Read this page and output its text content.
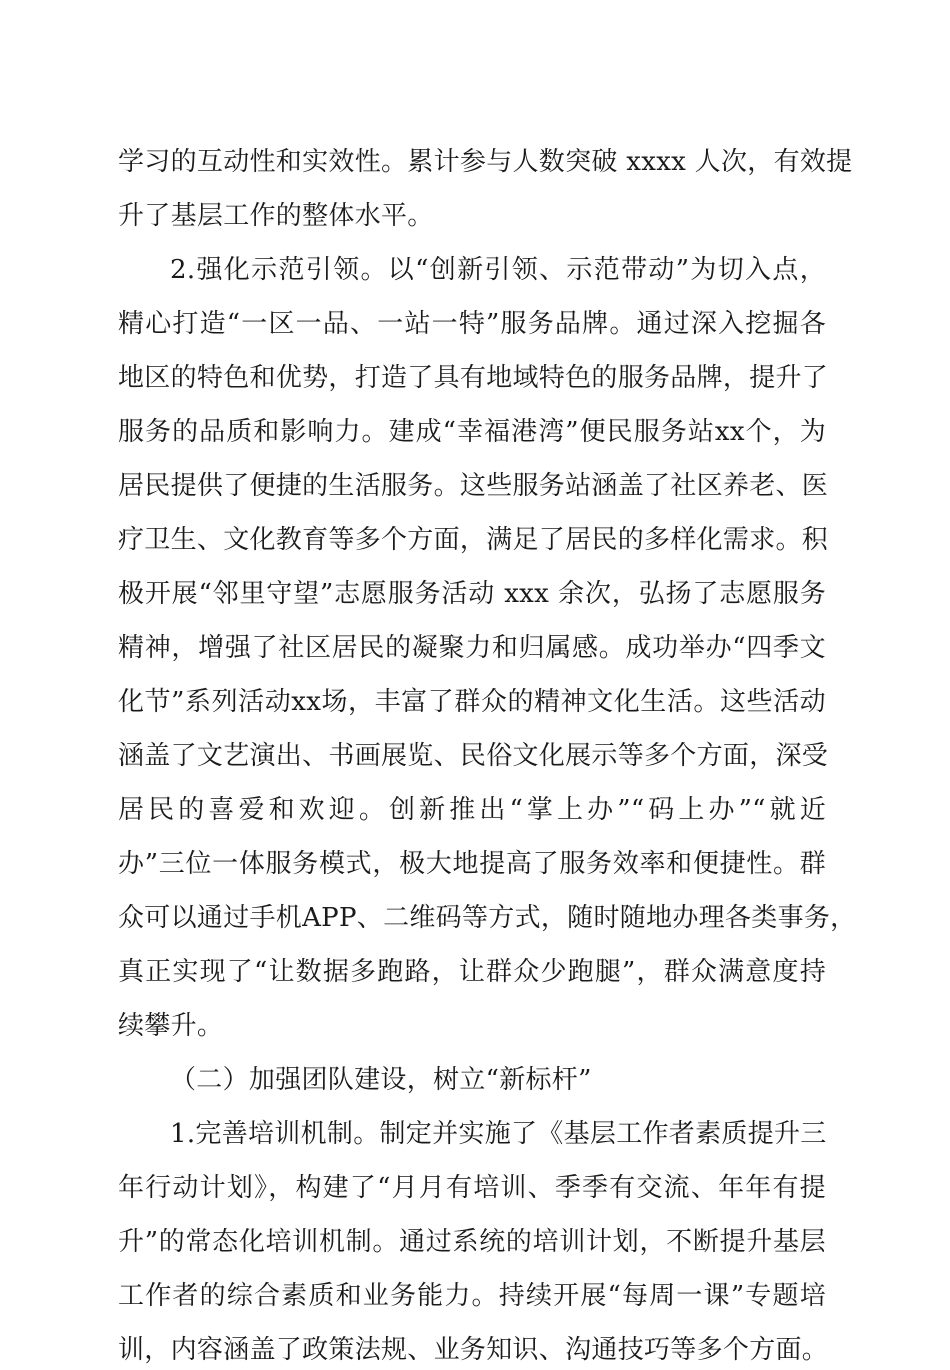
学习的互动性和实效性。累计参与人数突破 xxxx 人次，有效提
升了基层工作的整体水平。
2.强化示范引领。以“创新引领、示范带动”为切入点，
精心打造“一区一品、一站一特”服务品牌。通过深入挖掘各
地区的特色和优势，打造了具有地域特色的服务品牌，提升了
服务的品质和影响力。建成“幸福港湾”便民服务站xx个，为
居民提供了便捷的生活服务。这些服务站涵盖了社区养老、医
疗卫生、文化教育等多个方面，满足了居民的多样化需求。积
极开展“邻里守望”志愿服务活动 xxx 余次，弘扬了志愿服务
精神，增强了社区居民的凝聚力和归属感。成功举办“四季文
化节”系列活动xx场，丰富了群众的精神文化生活。这些活动
涵盖了文艺演出、书画展览、民俗文化展示等多个方面，深受
居民的喜爱和欢迎。创新推出“掌上办”“码上办”“就近
办”三位一体服务模式，极大地提高了服务效率和便捷性。群
众可以通过手机APP、二维码等方式，随时随地办理各类事务，
真正实现了“让数据多跑路，让群众少跑腿”，群众满意度持
续攀升。
（二）加强团队建设，树立“新标杆”
1.完善培训机制。制定并实施了《基层工作者素质提升三
年行动计划》，构建了“月月有培训、季季有交流、年年有提
升”的常态化培训机制。通过系统的培训计划，不断提升基层
工作者的综合素质和业务能力。持续开展“每周一课”专题培
训，内容涵盖了政策法规、业务知识、沟通技巧等多个方面。
